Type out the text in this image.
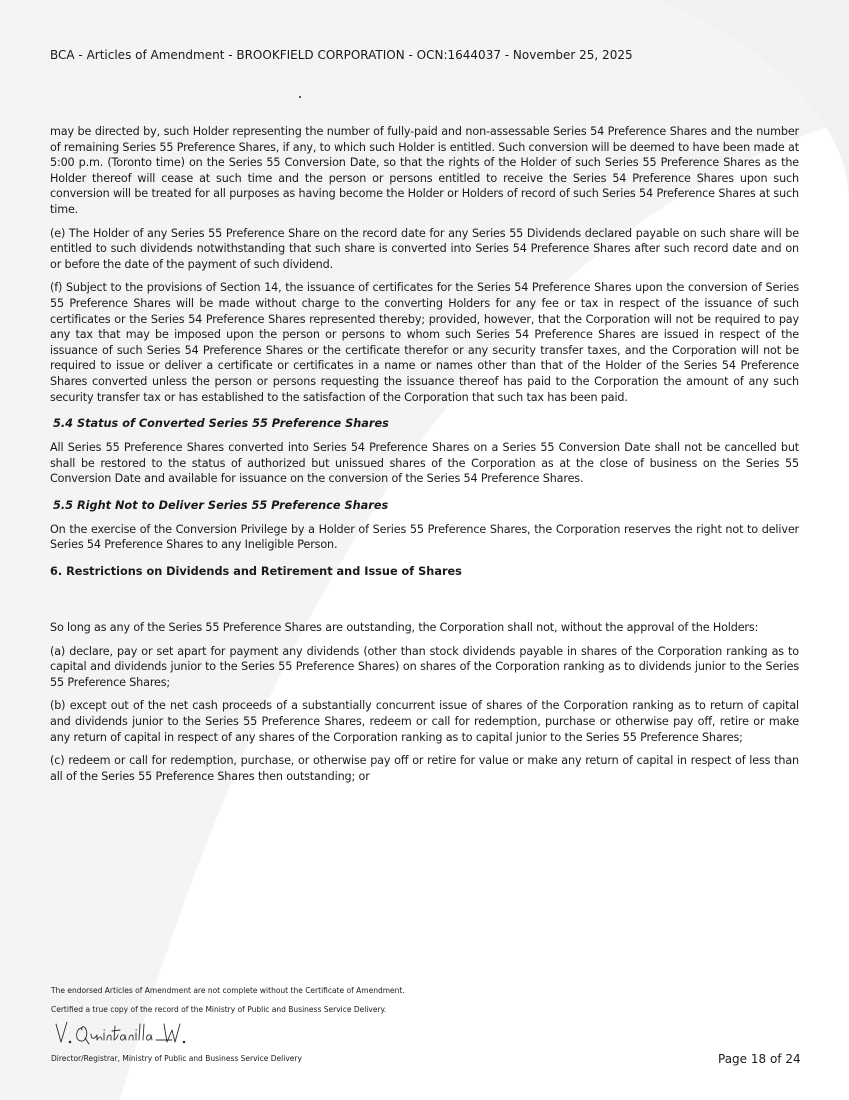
BCA - Articles of Amendment - BROOKFIELD CORPORATION - OCN:1644037 - November 25, 2025

may be directed by, such Holder representing the number of fully-paid and non-assessable Series 54 Preference Shares and the number of remaining Series 55 Preference Shares, if any, to which such Holder is entitled. Such conversion will be deemed to have been made at 5:00 p.m. (Toronto time) on the Series 55 Conversion Date, so that the rights of the Holder of such Series 55 Preference Shares as the Holder thereof will cease at such time and the person or persons entitled to receive the Series 54 Preference Shares upon such conversion will be treated for all purposes as having become the Holder or Holders of record of such Series 54 Preference Shares at such time.

(e) The Holder of any Series 55 Preference Share on the record date for any Series 55 Dividends declared payable on such share will be entitled to such dividends notwithstanding that such share is converted into Series 54 Preference Shares after such record date and on or before the date of the payment of such dividend.

(f) Subject to the provisions of Section 14, the issuance of certificates for the Series 54 Preference Shares upon the conversion of Series 55 Preference Shares will be made without charge to the converting Holders for any fee or tax in respect of the issuance of such certificates or the Series 54 Preference Shares represented thereby; provided, however, that the Corporation will not be required to pay any tax that may be imposed upon the person or persons to whom such Series 54 Preference Shares are issued in respect of the issuance of such Series 54 Preference Shares or the certificate therefor or any security transfer taxes, and the Corporation will not be required to issue or deliver a certificate or certificates in a name or names other than that of the Holder of the Series 54 Preference Shares converted unless the person or persons requesting the issuance thereof has paid to the Corporation the amount of any such security transfer tax or has established to the satisfaction of the Corporation that such tax has been paid.

5.4 Status of Converted Series 55 Preference Shares

All Series 55 Preference Shares converted into Series 54 Preference Shares on a Series 55 Conversion Date shall not be cancelled but shall be restored to the status of authorized but unissued shares of the Corporation as at the close of business on the Series 55 Conversion Date and available for issuance on the conversion of the Series 54 Preference Shares.

5.5 Right Not to Deliver Series 55 Preference Shares

On the exercise of the Conversion Privilege by a Holder of Series 55 Preference Shares, the Corporation reserves the right not to deliver Series 54 Preference Shares to any Ineligible Person.

6. Restrictions on Dividends and Retirement and Issue of Shares

So long as any of the Series 55 Preference Shares are outstanding, the Corporation shall not, without the approval of the Holders:

(a) declare, pay or set apart for payment any dividends (other than stock dividends payable in shares of the Corporation ranking as to capital and dividends junior to the Series 55 Preference Shares) on shares of the Corporation ranking as to dividends junior to the Series 55 Preference Shares;

(b) except out of the net cash proceeds of a substantially concurrent issue of shares of the Corporation ranking as to return of capital and dividends junior to the Series 55 Preference Shares, redeem or call for redemption, purchase or otherwise pay off, retire or make any return of capital in respect of any shares of the Corporation ranking as to capital junior to the Series 55 Preference Shares;

(c) redeem or call for redemption, purchase, or otherwise pay off or retire for value or make any return of capital in respect of less than all of the Series 55 Preference Shares then outstanding; or

The endorsed Articles of Amendment are not complete without the Certificate of Amendment.
Certified a true copy of the record of the Ministry of Public and Business Service Delivery.
Director/Registrar, Ministry of Public and Business Service Delivery	Page 18 of 24
